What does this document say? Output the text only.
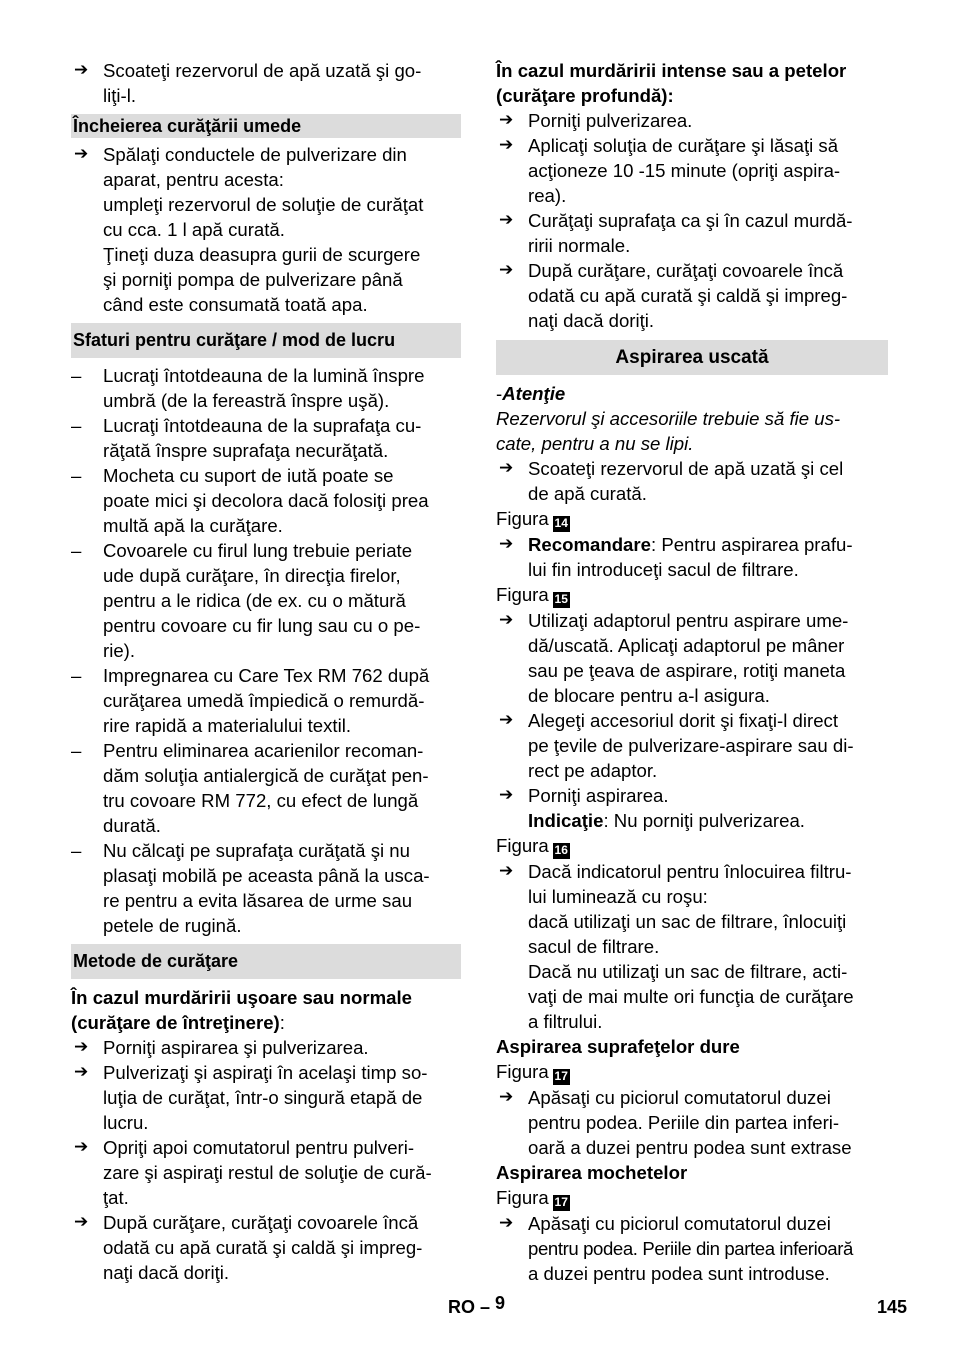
➔ Scoateţi rezervorul de apă uzată şi go-
liţi-l.
Încheierea curăţării umede
➔ Spălaţi conductele de pulverizare din
aparat, pentru acesta:
umpleţi rezervorul de soluţie de curăţat
cu cca. 1 l apă curată.
Ţineţi duza deasupra gurii de scurgere
şi porniţi pompa de pulverizare până
când este consumată toată apa.
Sfaturi pentru curăţare / mod de lucru
– Lucraţi întotdeauna de la lumină înspre
umbră (de la fereastră înspre uşă).
– Lucraţi întotdeauna de la suprafaţa cu-
răţată înspre suprafaţa necurăţată.
– Mocheta cu suport de iută poate se
poate mici şi decolora dacă folosiţi prea
multă apă la curăţare.
– Covoarele cu firul lung trebuie periate
ude după curăţare, în direcţia firelor,
pentru a le ridica (de ex. cu o mătură
pentru covoare cu fir lung sau cu o pe-
rie).
– Impregnarea cu Care Tex RM 762 după
curăţarea umedă împiedică o remurdă-
rire rapidă a materialului textil.
– Pentru eliminarea acarienilor recoman-
dăm soluţia antialergică de curăţat pen-
tru covoare RM 772, cu efect de lungă
durată.
– Nu călcaţi pe suprafaţa curăţată şi nu
plasaţi mobilă pe aceasta până la usca-
re pentru a evita lăsarea de urme sau
petele de rugină.
Metode de curăţare
În cazul murdăririi uşoare sau normale
(curăţare de întreţinere):
➔ Porniţi aspirarea şi pulverizarea.
➔ Pulverizaţi şi aspiraţi în acelaşi timp so-
luţia de curăţat, într-o singură etapă de
lucru.
➔ Opriţi apoi comutatorul pentru pulveri-
zare şi aspiraţi restul de soluţie de cură-
ţat.
➔ După curăţare, curăţaţi covoarele încă
odată cu apă curată şi caldă şi impreg-
naţi dacă doriţi.
În cazul murdăririi intense sau a petelor
(curăţare profundă):
➔ Porniţi pulverizarea.
➔ Aplicaţi soluţia de curăţare şi lăsaţi să
acţioneze 10 -15 minute (opriţi aspira-
rea).
➔ Curăţaţi suprafaţa ca şi în cazul murdă-
ririi normale.
➔ După curăţare, curăţaţi covoarele încă
odată cu apă curată şi caldă şi impreg-
naţi dacă doriţi.
Aspirarea uscată
-Atenţie
Rezervorul şi accesoriile trebuie să fie us-
cate, pentru a nu se lipi.
➔ Scoateţi rezervorul de apă uzată şi cel
de apă curată.
Figura 14
➔ Recomandare: Pentru aspirarea prafu-
lui fin introduceţi sacul de filtrare.
Figura 15
➔ Utilizaţi adaptorul pentru aspirare ume-
dă/uscată. Aplicaţi adaptorul pe mâner
sau pe ţeava de aspirare, rotiţi maneta
de blocare pentru a-l asigura.
➔ Alegeţi accesoriul dorit şi fixaţi-l direct
pe ţevile de pulverizare-aspirare sau di-
rect pe adaptor.
➔ Porniţi aspirarea.
Indicaţie: Nu porniţi pulverizarea.
Figura 16
➔ Dacă indicatorul pentru înlocuirea filtru-
lui luminează cu roşu:
dacă utilizaţi un sac de filtrare, înlocuiţi
sacul de filtrare.
Dacă nu utilizaţi un sac de filtrare, acti-
vaţi de mai multe ori funcţia de curăţare
a filtrului.
Aspirarea suprafeţelor dure
Figura 17
➔ Apăsaţi cu piciorul comutatorul duzei
pentru podea. Periile din partea inferi-
oară a duzei pentru podea sunt extrase
Aspirarea mochetelor
Figura 17
➔ Apăsaţi cu piciorul comutatorul duzei
pentru podea. Periile din partea inferioară
a duzei pentru podea sunt introduse.
RO – 9	145
